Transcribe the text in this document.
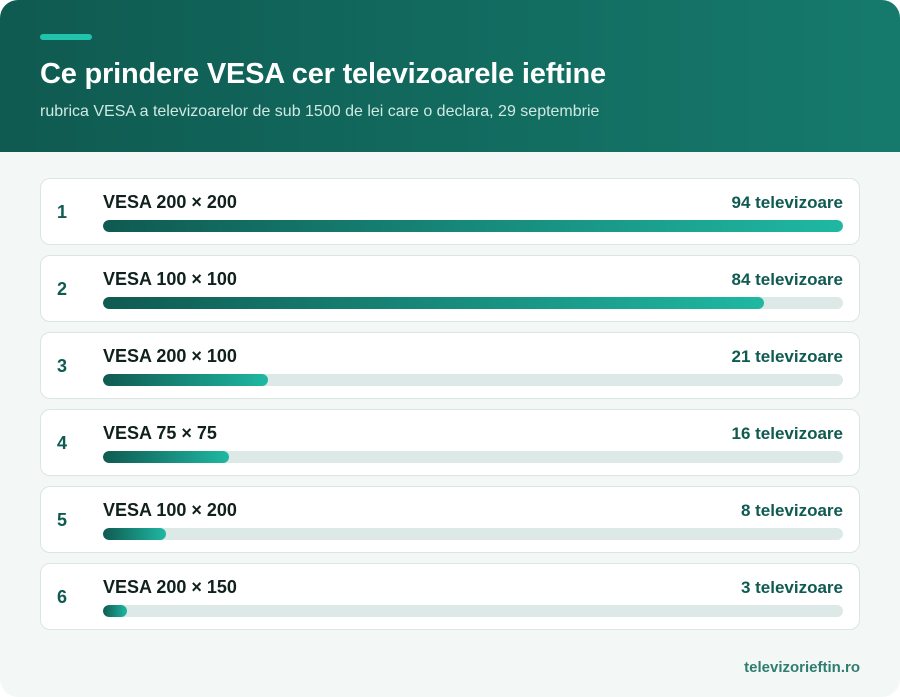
Ce prindere VESA cer televizoarele ieftine
rubrica VESA a televizoarelor de sub 1500 de lei care o declara, 29 septembrie
1 VESA 200 × 200	94 televizoare
2 VESA 100 × 100	84 televizoare
3 VESA 200 × 100	21 televizoare
4 VESA 75 × 75	16 televizoare
5 VESA 100 × 200	8 televizoare
6 VESA 200 × 150	3 televizoare
televizorieftin.ro
